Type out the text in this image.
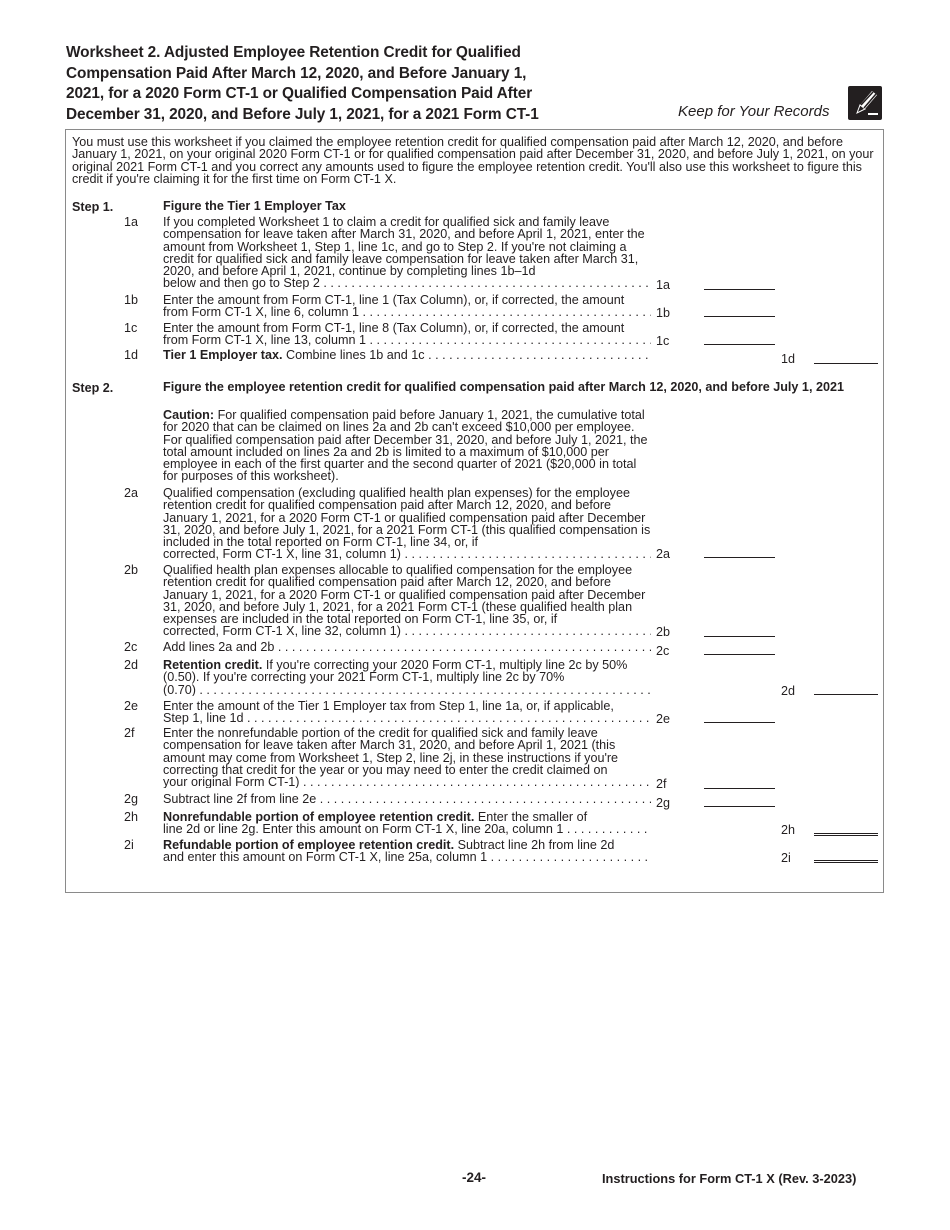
Worksheet 2. Adjusted Employee Retention Credit for Qualified
Compensation Paid After March 12, 2020, and Before January 1,
2021, for a 2020 Form CT-1 or Qualified Compensation Paid After
December 31, 2020, and Before July 1, 2021, for a 2021 Form CT-1	Keep for Your Records
You must use this worksheet if you claimed the employee retention credit for qualified compensation paid after March 12, 2020, and before January 1, 2021, on your original 2020 Form CT-1 or for qualified compensation paid after December 31, 2020, and before July 1, 2021, on your original 2021 Form CT-1 and you correct any amounts used to figure the employee retention credit. You'll also use this worksheet to figure this credit if you're claiming it for the first time on Form CT-1 X.
Step 1.	Figure the Tier 1 Employer Tax
1a If you completed Worksheet 1 to claim a credit for qualified sick and family leave compensation for leave taken after March 31, 2020, and before April 1, 2021, enter the amount from Worksheet 1, Step 1, line 1c, and go to Step 2. If you're not claiming a credit for qualified sick and family leave compensation for leave taken after March 31, 2020, and before April 1, 2021, continue by completing lines 1b–1d
below and then go to Step 2 . . .	1a
1b Enter the amount from Form CT-1, line 1 (Tax Column), or, if corrected, the amount
from Form CT-1 X, line 6, column 1 . . .	1b
1c Enter the amount from Form CT-1, line 8 (Tax Column), or, if corrected, the amount
from Form CT-1 X, line 13, column 1 . . .	1c
1d Tier 1 Employer tax. Combine lines 1b and 1c . . .	1d
Step 2.	Figure the employee retention credit for qualified compensation paid after March 12, 2020, and before July 1, 2021
Caution: For qualified compensation paid before January 1, 2021, the cumulative total for 2020 that can be claimed on lines 2a and 2b can't exceed $10,000 per employee. For qualified compensation paid after December 31, 2020, and before July 1, 2021, the total amount included on lines 2a and 2b is limited to a maximum of $10,000 per employee in each of the first quarter and the second quarter of 2021 ($20,000 in total for purposes of this worksheet).
2a Qualified compensation (excluding qualified health plan expenses) for the employee retention credit for qualified compensation paid after March 12, 2020, and before January 1, 2021, for a 2020 Form CT-1 or qualified compensation paid after December 31, 2020, and before July 1, 2021, for a 2021 Form CT-1 (this qualified compensation is included in the total reported on Form CT-1, line 34, or, if
corrected, Form CT-1 X, line 31, column 1) . . .	2a
2b Qualified health plan expenses allocable to qualified compensation for the employee retention credit for qualified compensation paid after March 12, 2020, and before January 1, 2021, for a 2020 Form CT-1 or qualified compensation paid after December 31, 2020, and before July 1, 2021, for a 2021 Form CT-1 (these qualified health plan expenses are included in the total reported on Form CT-1, line 35, or, if
corrected, Form CT-1 X, line 32, column 1) . . .	2b
2c Add lines 2a and 2b . . .	2c
2d Retention credit. If you're correcting your 2020 Form CT-1, multiply line 2c by 50% (0.50). If you're correcting your 2021 Form CT-1, multiply line 2c by 70%
(0.70) . . .	2d
2e Enter the amount of the Tier 1 Employer tax from Step 1, line 1a, or, if applicable,
Step 1, line 1d . . .	2e
2f Enter the nonrefundable portion of the credit for qualified sick and family leave compensation for leave taken after March 31, 2020, and before April 1, 2021 (this amount may come from Worksheet 1, Step 2, line 2j, in these instructions if you're correcting that credit for the year or you may need to enter the credit claimed on
your original Form CT-1) . . .	2f
2g Subtract line 2f from line 2e . . .	2g
2h Nonrefundable portion of employee retention credit. Enter the smaller of
line 2d or line 2g. Enter this amount on Form CT-1 X, line 20a, column 1 . . .	2h
2i Refundable portion of employee retention credit. Subtract line 2h from line 2d
and enter this amount on Form CT-1 X, line 25a, column 1 . . .	2i
-24-	Instructions for Form CT-1 X (Rev. 3-2023)
